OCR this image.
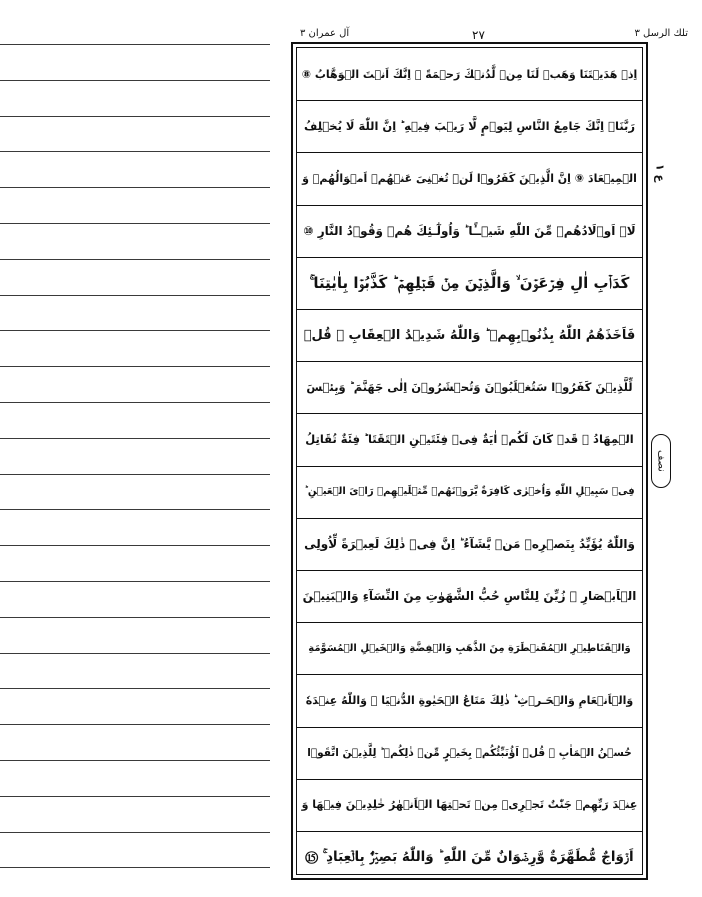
آل عمران ٣	٢٧	تلك الرسل ٣
اِذۡ هَدَيۡتَنَا وَهَبۡ لَنَا مِنۡ لَّدُنۡكَ رَحۡمَةً ۚ اِنَّكَ اَنۡتَ الۡوَهَّابُ ⑧
رَبَّنَاۤ اِنَّكَ جَامِعُ النَّاسِ لِيَوۡمٍ لَّا رَيۡبَ فِيۡهِ ؕ اِنَّ اللّٰهَ لَا يُخۡلِفُ
الۡمِيۡعَادَ ⑨ اِنَّ الَّذِيۡنَ كَفَرُوۡا لَنۡ تُغۡنِىَ عَنۡهُمۡ اَمۡوَالُهُمۡ وَ
لَاۤ اَوۡلَادُهُمۡ مِّنَ اللّٰهِ شَيۡــًٔا ؕ وَاُولٰٓـئِكَ هُمۡ وَقُوۡدُ النَّارِ ⑩
كَدَاۡبِ اٰلِ فِرۡعَوۡنَ ۙ وَالَّذِيۡنَ مِنۡ قَبۡلِهِمۡ ؕ كَذَّبُوۡا بِاٰيٰتِنَا ۚ
فَاَخَذَهُمُ اللّٰهُ بِذُنُوۡبِهِمۡ ؕ وَاللّٰهُ شَدِيۡدُ الۡعِقَابِ ⑪ قُلۡ
لِّلَّذِيۡنَ كَفَرُوۡا سَتُغۡلَبُوۡنَ وَتُحۡشَرُوۡنَ اِلٰى جَهَنَّمَ ؕ وَبِئۡسَ
الۡمِهَادُ ⑫ قَدۡ كَانَ لَكُمۡ اٰيَةٌ فِىۡ فِئَتَيۡنِ الۡتَقَتَا ؕ فِئَةٌ تُقَاتِلُ
فِىۡ سَبِيۡلِ اللّٰهِ وَاُخۡرٰى كَافِرَةٌ يَّرَوۡنَهُمۡ مِّثۡلَيۡهِمۡ رَاۡىَ الۡعَيۡنِ ؕ
وَاللّٰهُ يُؤَيِّدُ بِنَصۡرِهٖ مَنۡ يَّشَآءُ ؕ اِنَّ فِىۡ ذٰلِكَ لَعِبۡرَةً لِّاُولِى
الۡاَبۡصَارِ ⑬ زُيِّنَ لِلنَّاسِ حُبُّ الشَّهَوٰتِ مِنَ النِّسَآءِ وَالۡبَنِيۡنَ
وَالۡقَنَاطِيۡرِ الۡمُقَنۡطَرَةِ مِنَ الذَّهَبِ وَالۡفِضَّةِ وَالۡخَيۡلِ الۡمُسَوَّمَةِ
وَالۡاَنۡعَامِ وَالۡحَـرۡثِ ؕ ذٰلِكَ مَتَاعُ الۡحَيٰوةِ الدُّنۡيَا ۚ وَاللّٰهُ عِنۡدَهٗ
حُسۡنُ الۡمَاٰبِ ⑭ قُلۡ اَؤُنَبِّئُكُمۡ بِخَيۡرٍ مِّنۡ ذٰلِكُمۡ ؕ لِلَّذِيۡنَ اتَّقَوۡا
عِنۡدَ رَبِّهِمۡ جَنّٰتٌ تَجۡرِىۡ مِنۡ تَحۡتِهَا الۡاَنۡهٰرُ خٰلِدِيۡنَ فِيۡهَا وَ
اَزۡوَاجٌ مُّطَهَّرَةٌ وَّرِضۡوَانٌ مِّنَ اللّٰهِ ؕ وَاللّٰهُ بَصِيۡرٌۢ بِالۡعِبَادِ ۚ ⑮
ع ١
نصف
